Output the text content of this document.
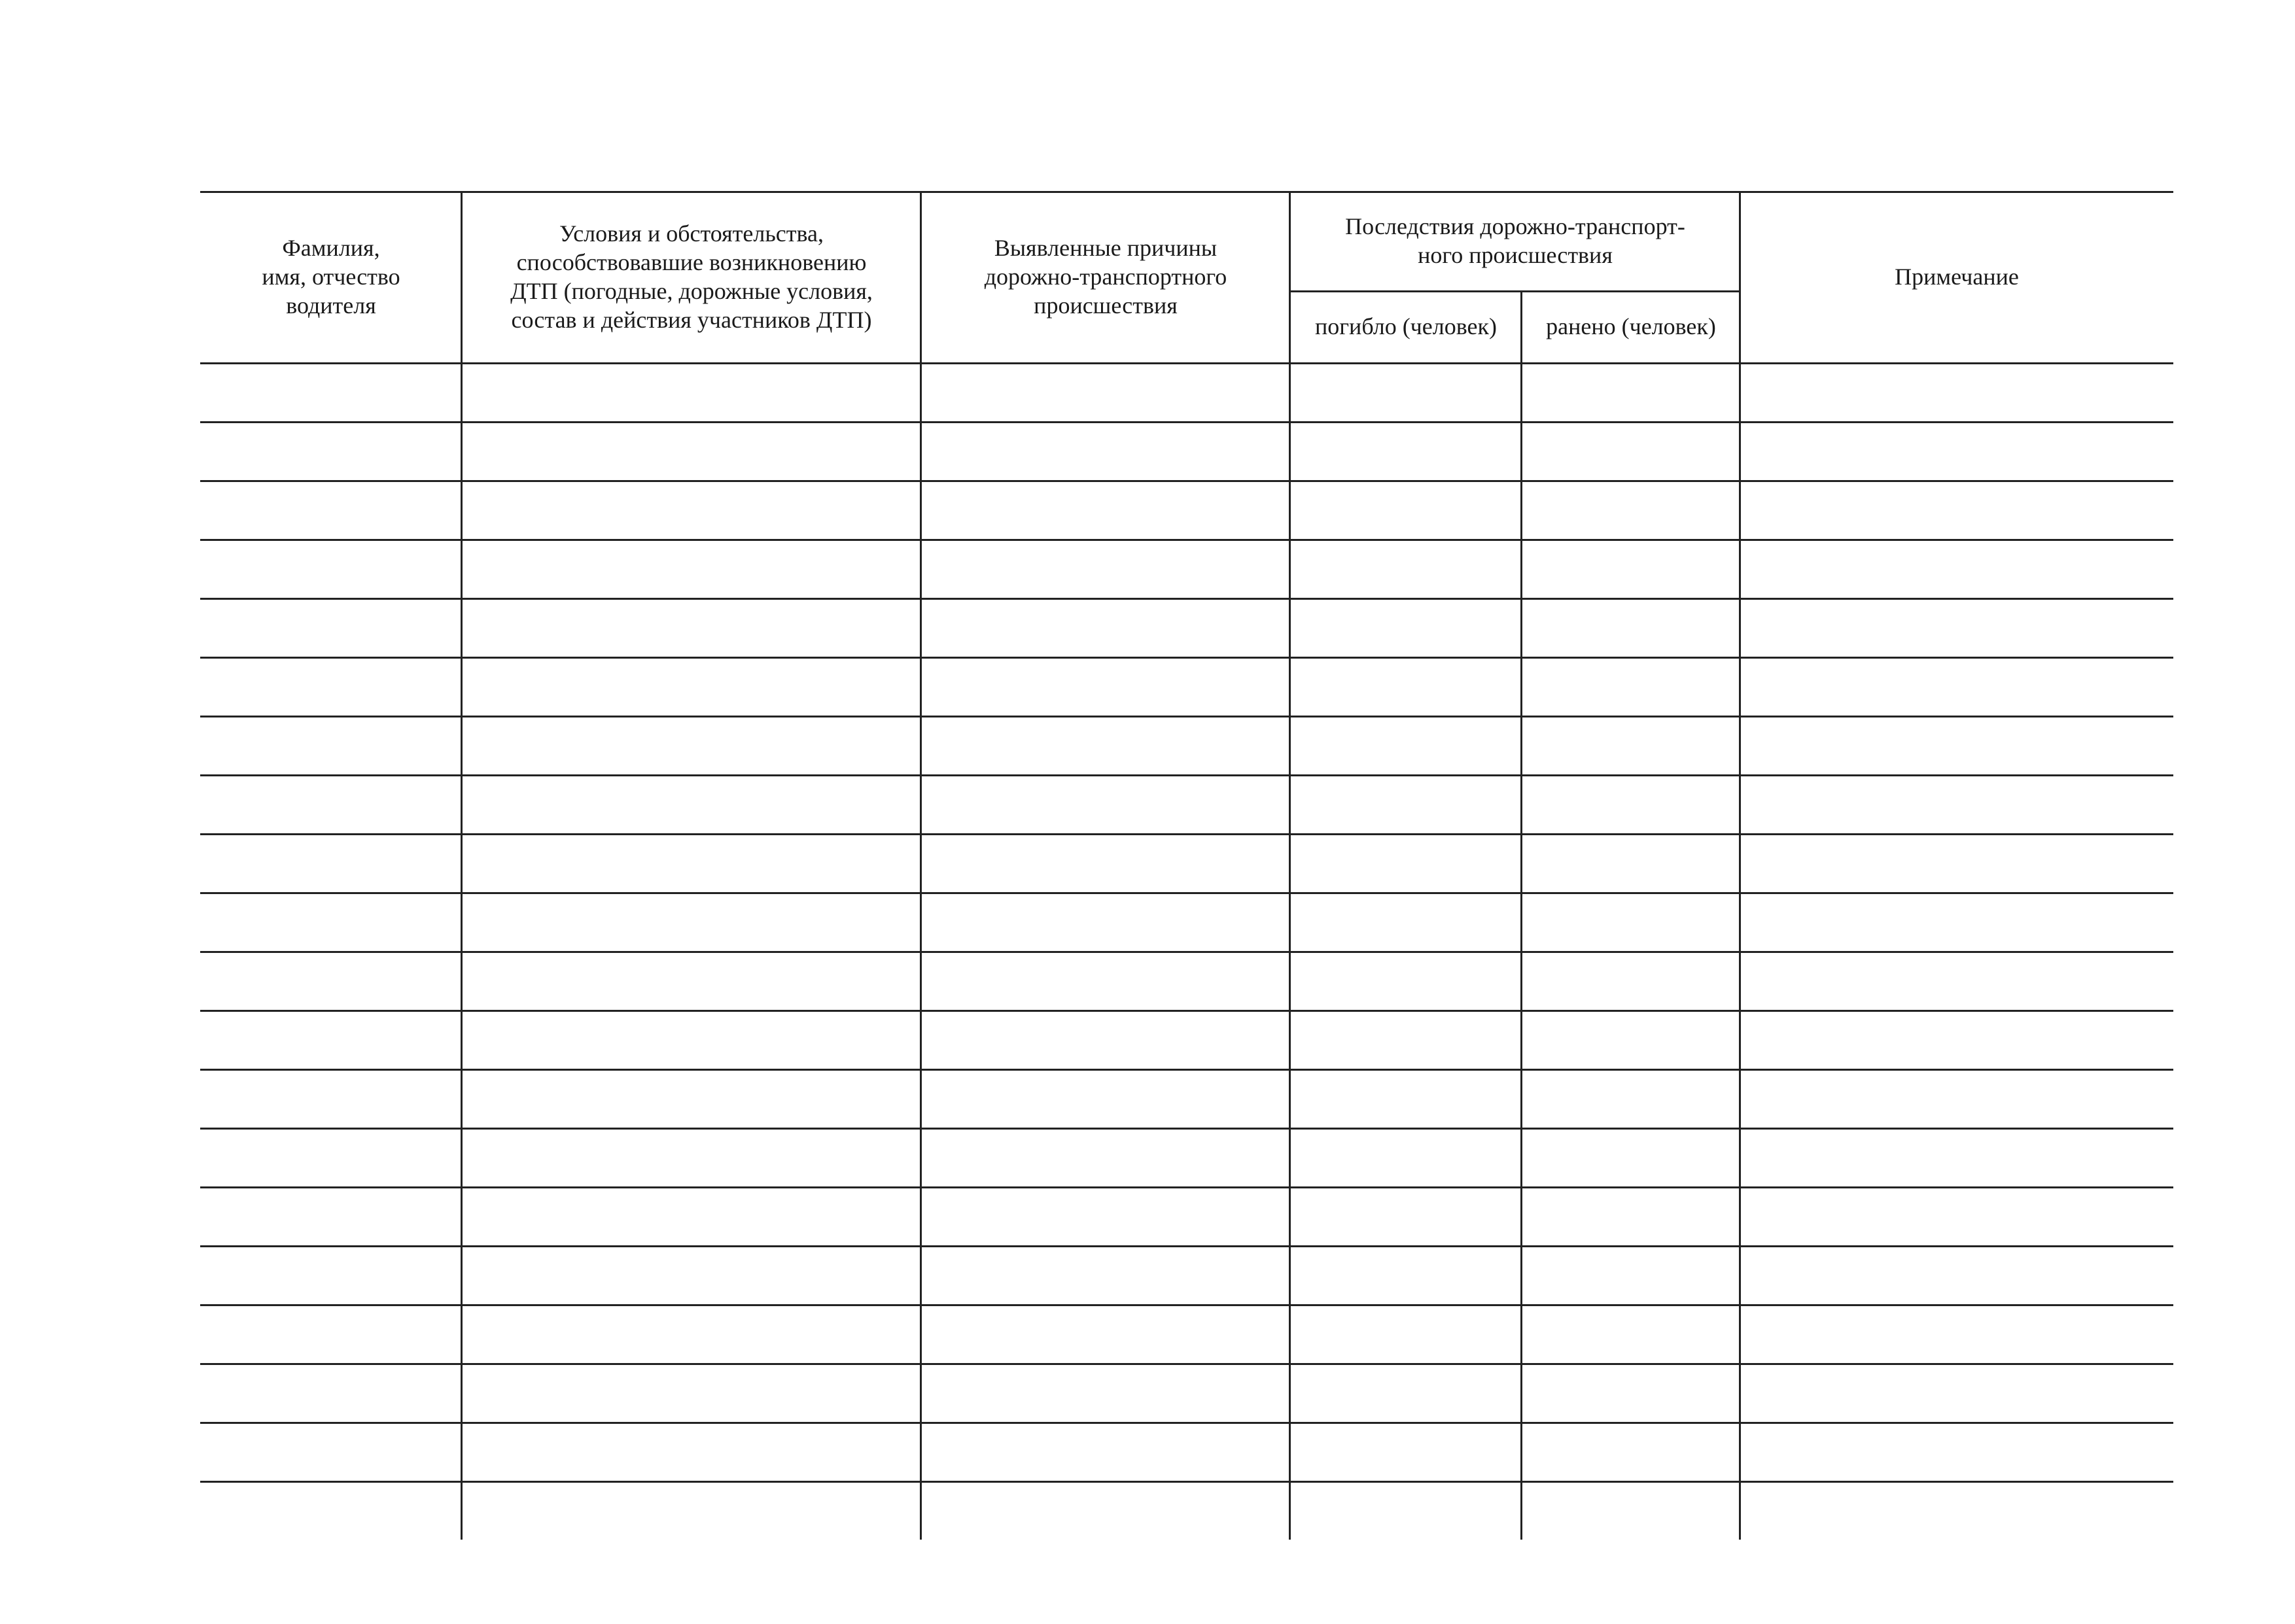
Фамилия,
имя, отчество
водителя
Условия и обстоятельства,
способствовавшие возникновению
ДТП (погодные, дорожные условия,
состав и действия участников ДТП)
Выявленные причины
дорожно-транспортного
происшествия
Последствия дорожно-транспорт-
ного происшествия
погибло (человек)	ранено (человек)
Примечание
